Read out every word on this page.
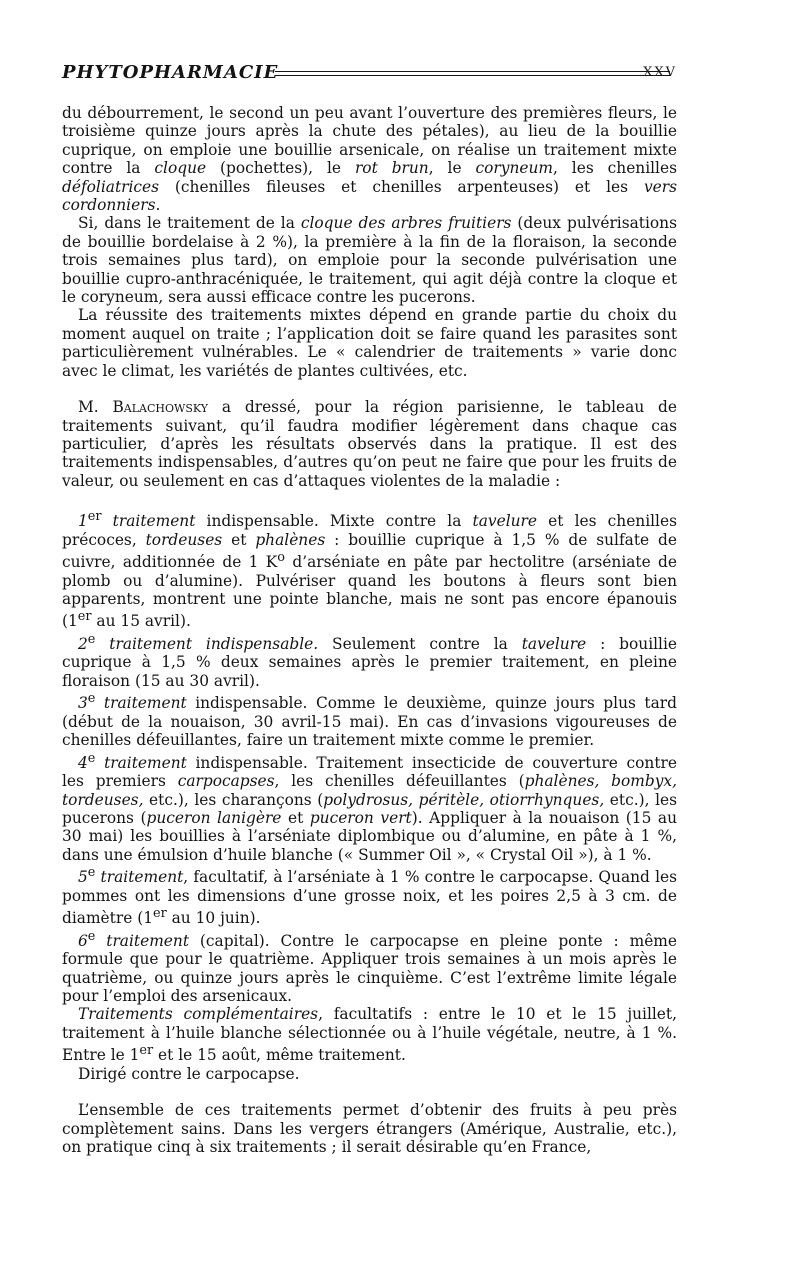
PHYTOPHARMACIE	XXV

du débourrement, le second un peu avant l’ouverture des premières fleurs, le troisième quinze jours après la chute des pétales), au lieu de la bouillie cuprique, on emploie une bouillie arsenicale, on réalise un traitement mixte contre la cloque (pochettes), le rot brun, le coryneum, les chenilles défoliatrices (chenilles fileuses et chenilles arpenteuses) et les vers cordonniers.

Si, dans le traitement de la cloque des arbres fruitiers (deux pulvérisations de bouillie bordelaise à 2 %), la première à la fin de la floraison, la seconde trois semaines plus tard), on emploie pour la seconde pulvérisation une bouillie cupro-anthracéniquée, le traitement, qui agit déjà contre la cloque et le coryneum, sera aussi efficace contre les pucerons.

La réussite des traitements mixtes dépend en grande partie du choix du moment auquel on traite ; l’application doit se faire quand les parasites sont particulièrement vulnérables. Le « calendrier de traitements » varie donc avec le climat, les variétés de plantes cultivées, etc.

M. Balachowsky a dressé, pour la région parisienne, le tableau de traitements suivant, qu’il faudra modifier légèrement dans chaque cas particulier, d’après les résultats observés dans la pratique. Il est des traitements indispensables, d’autres qu’on peut ne faire que pour les fruits de valeur, ou seulement en cas d’attaques violentes de la maladie :

1er traitement indispensable. Mixte contre la tavelure et les chenilles précoces, tordeuses et phalènes : bouillie cuprique à 1,5 % de sulfate de cuivre, additionnée de 1 $K^o$ d’arséniate en pâte par hectolitre (arséniate de plomb ou d’alumine). Pulvériser quand les boutons à fleurs sont bien apparents, montrent une pointe blanche, mais ne sont pas encore épanouis (1er au 15 avril).

2e traitement indispensable. Seulement contre la tavelure : bouillie cuprique à 1,5 % deux semaines après le premier traitement, en pleine floraison (15 au 30 avril).

3e traitement indispensable. Comme le deuxième, quinze jours plus tard (début de la nouaison, 30 avril-15 mai). En cas d’invasions vigoureuses de chenilles défeuillantes, faire un traitement mixte comme le premier.

4e traitement indispensable. Traitement insecticide de couverture contre les premiers carpocapses, les chenilles défeuillantes (phalènes, bombyx, tordeuses, etc.), les charançons (polydrosus, péritèle, otiorrhynques, etc.), les pucerons (puceron lanigère et puceron vert). Appliquer à la nouaison (15 au 30 mai) les bouillies à l’arséniate diplombique ou d’alumine, en pâte à 1 %, dans une émulsion d’huile blanche (« Summer Oil », « Crystal Oil »), à 1 %.

5e traitement, facultatif, à l’arséniate à 1 % contre le carpocapse. Quand les pommes ont les dimensions d’une grosse noix, et les poires 2,5 à 3 cm. de diamètre (1er au 10 juin).

6e traitement (capital). Contre le carpocapse en pleine ponte : même formule que pour le quatrième. Appliquer trois semaines à un mois après le quatrième, ou quinze jours après le cinquième. C’est l’extrême limite légale pour l’emploi des arsenicaux.

Traitements complémentaires, facultatifs : entre le 10 et le 15 juillet, traitement à l’huile blanche sélectionnée ou à l’huile végétale, neutre, à 1 %. Entre le 1er et le 15 août, même traitement.

Dirigé contre le carpocapse.

L’ensemble de ces traitements permet d’obtenir des fruits à peu près complètement sains. Dans les vergers étrangers (Amérique, Australie, etc.), on pratique cinq à six traitements ; il serait désirable qu’en France,
